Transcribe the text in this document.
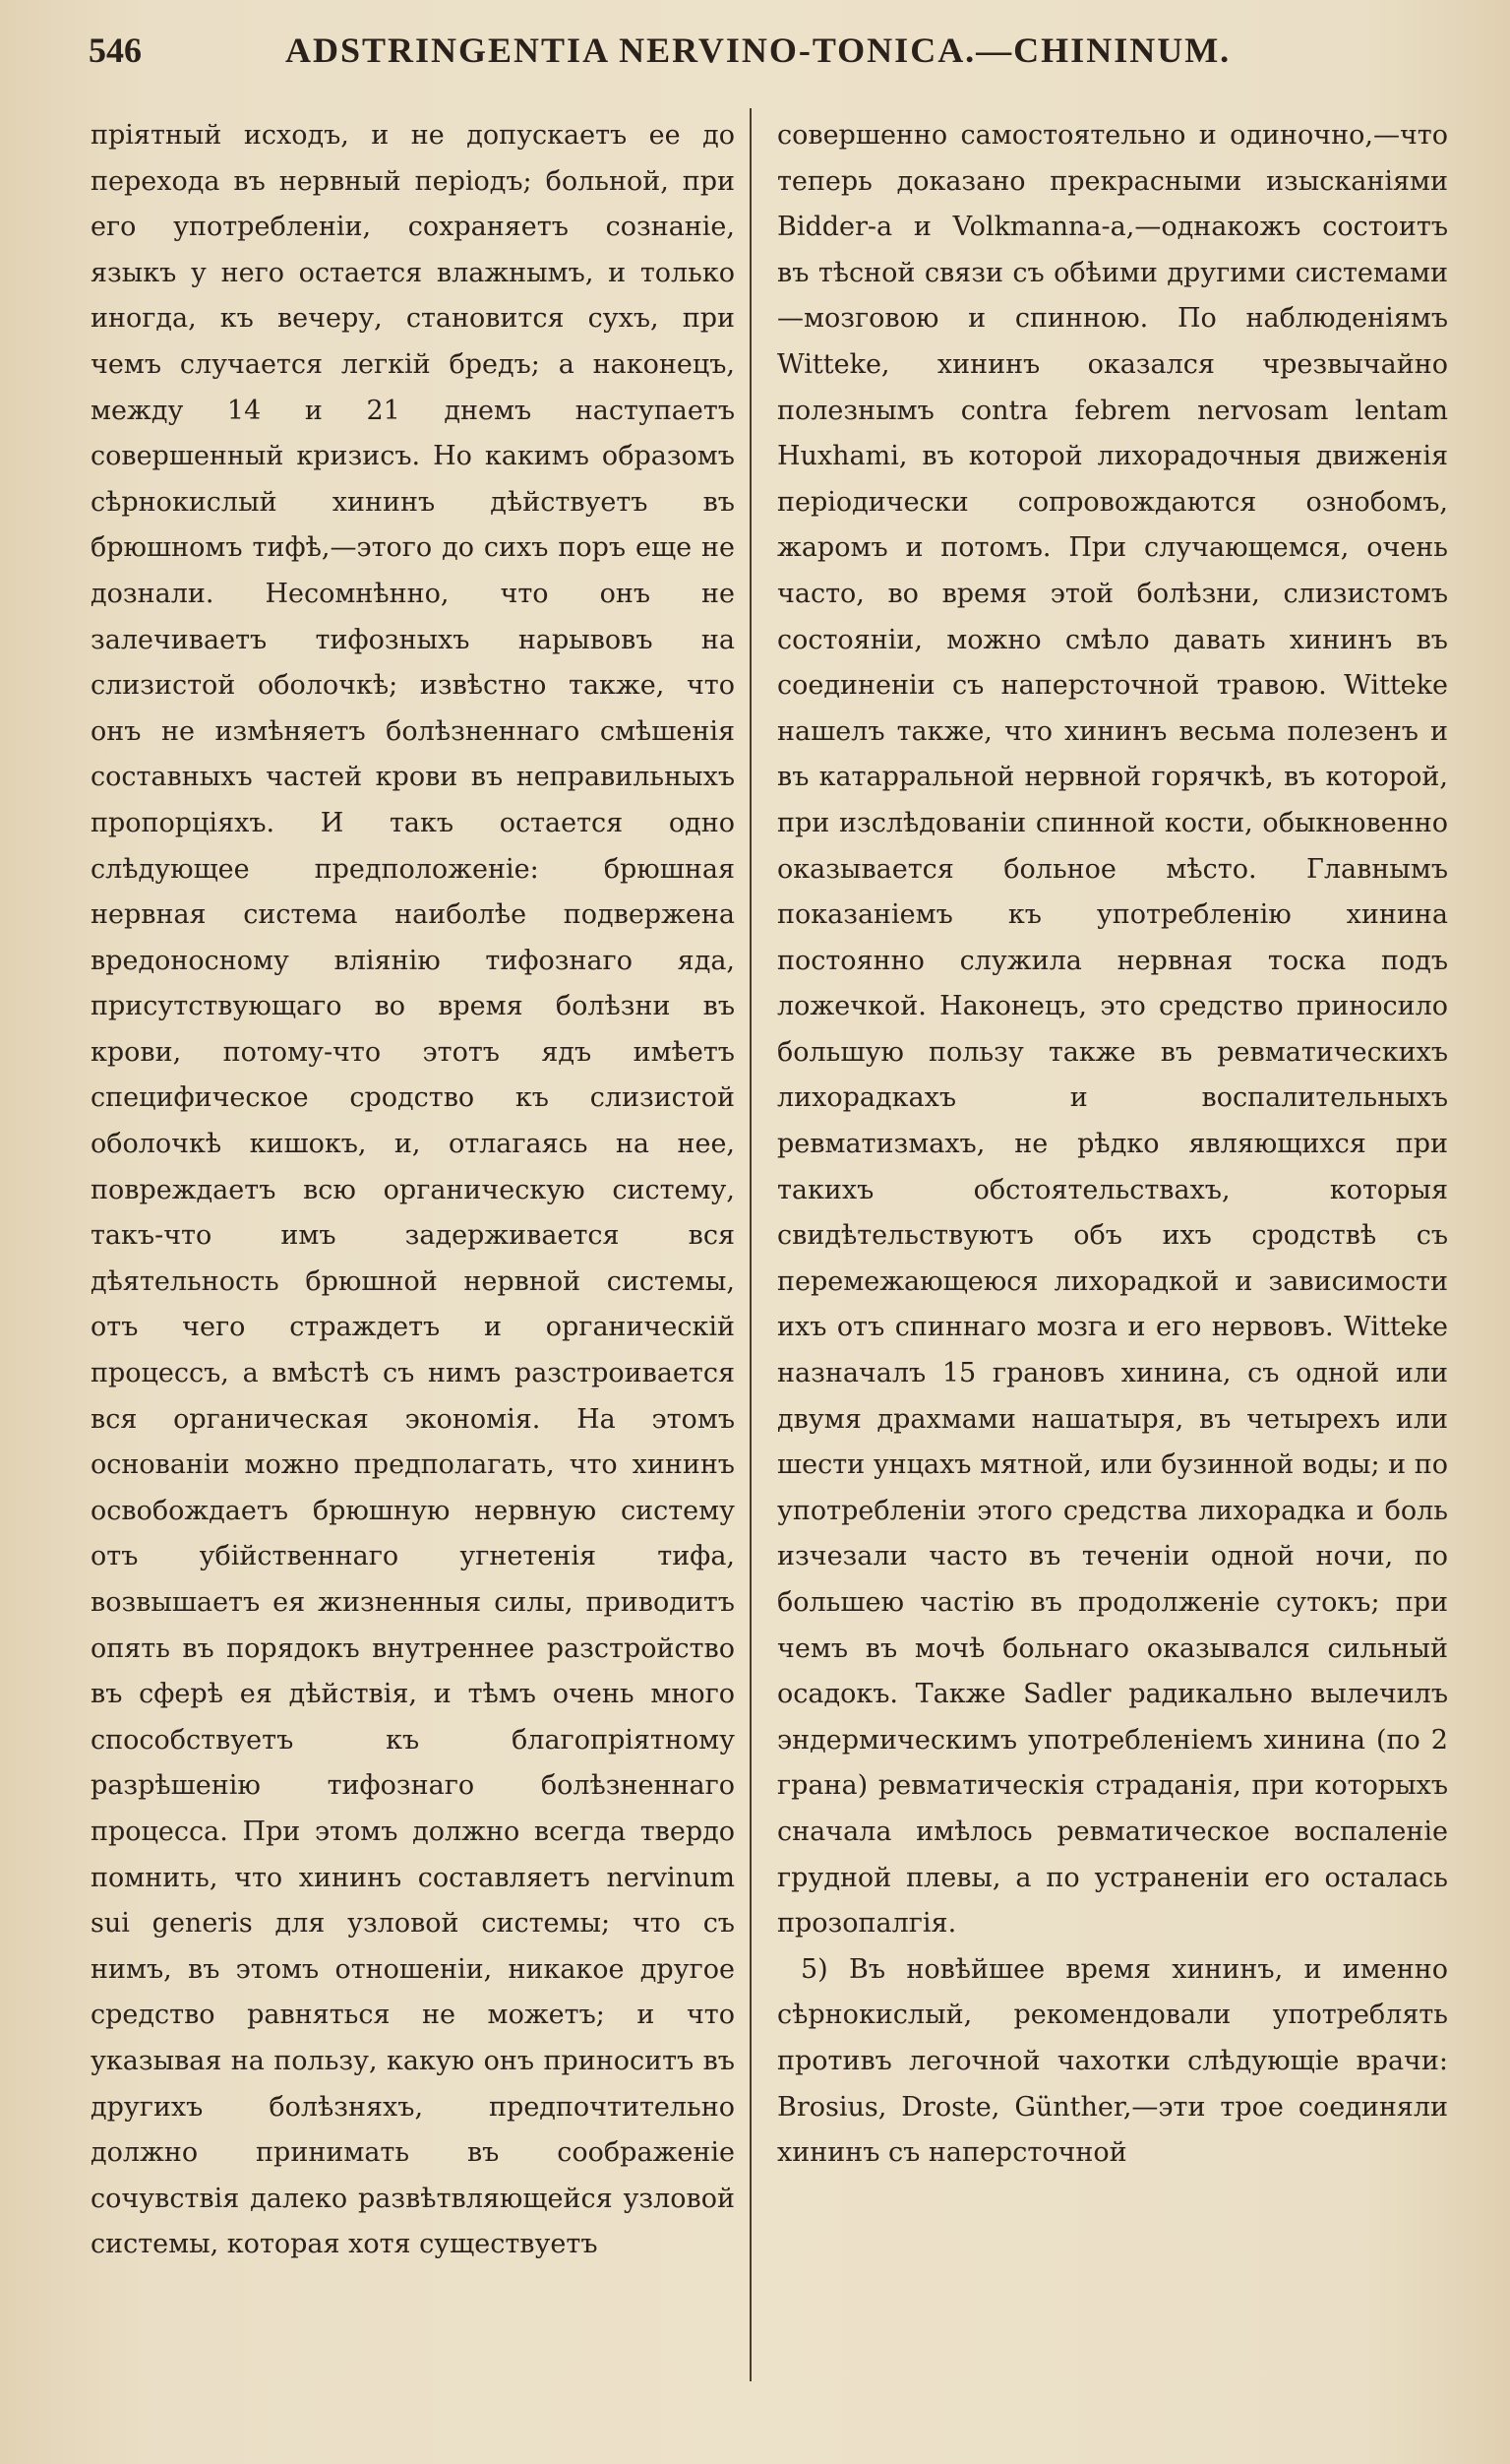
546	ADSTRINGENTIA NERVINO-TONICA.—CHININUM.

пріятный исходъ, и не допускаетъ ее до перехода въ нервный періодъ; больной, при его употребленіи, сохраняетъ сознаніе, языкъ у него остается влажнымъ, и только иногда, къ вечеру, становится сухъ, при чемъ случается легкій бредъ; а наконецъ, между 14 и 21 днемъ наступаетъ совершенный кризисъ. Но какимъ образомъ сѣрнокислый хининъ дѣйствуетъ въ брюшномъ тифѣ,—этого до сихъ поръ еще не дознали. Несомнѣнно, что онъ не залечиваетъ тифозныхъ нарывовъ на слизистой оболочкѣ; извѣстно также, что онъ не измѣняетъ болѣзненнаго смѣшенія составныхъ частей крови въ неправильныхъ пропорціяхъ. И такъ остается одно слѣдующее предположеніе: брюшная нервная система наиболѣе подвержена вредоносному вліянію тифознаго яда, присутствующаго во время болѣзни въ крови, потому-что этотъ ядъ имѣетъ специфическое сродство къ слизистой оболочкѣ кишокъ, и, отлагаясь на нее, повреждаетъ всю органическую систему, такъ-что имъ задерживается вся дѣятельность брюшной нервной системы, отъ чего страждетъ и органическій процессъ, а вмѣстѣ съ нимъ разстроивается вся органическая экономія. На этомъ основаніи можно предполагать, что хининъ освобождаетъ брюшную нервную систему отъ убійственнаго угнетенія тифа, возвышаетъ ея жизненныя силы, приводитъ опять въ порядокъ внутреннее разстройство въ сферѣ ея дѣйствія, и тѣмъ очень много способствуетъ къ благопріятному разрѣшенію тифознаго болѣзненнаго процесса. При этомъ должно всегда твердо помнить, что хининъ составляетъ nervinum sui generis для узловой системы; что съ нимъ, въ этомъ отношеніи, никакое другое средство равняться не можетъ; и что указывая на пользу, какую онъ приноситъ въ другихъ болѣзняхъ, предпочтительно должно принимать въ соображеніе сочувствія далеко развѣтвляющейся узловой системы, которая хотя существуетъ

совершенно самостоятельно и одиночно,—что теперь доказано прекрасными изысканіями Bidder-а и Volkmanna-а,—однакожъ состоитъ въ тѣсной связи съ обѣими другими системами—мозговою и спинною. По наблюденіямъ Wittеke, хининъ оказался чрезвычайно полезнымъ contra febrem nervosam lentam Huxhami, въ которой лихорадочныя движенія періодически сопровождаются ознобомъ, жаромъ и потомъ. При случающемся, очень часто, во время этой болѣзни, слизистомъ состояніи, можно смѣло давать хининъ въ соединеніи съ наперсточной травою. Wittеke нашелъ также, что хининъ весьма полезенъ и въ катарральной нервной горячкѣ, въ которой, при изслѣдованіи спинной кости, обыкновенно оказывается больное мѣсто. Главнымъ показаніемъ къ употребленію хинина постоянно служила нервная тоска подъ ложечкой. Наконецъ, это средство приносило большую пользу также въ ревматическихъ лихорадкахъ и воспалительныхъ ревматизмахъ, не рѣдко являющихся при такихъ обстоятельствахъ, которыя свидѣтельствуютъ объ ихъ сродствѣ съ перемежающеюся лихорадкой и зависимости ихъ отъ спиннаго мозга и его нервовъ. Wittеke назначалъ 15 грановъ хинина, съ одной или двумя драхмами нашатыря, въ четырехъ или шести унцахъ мятной, или бузинной воды; и по употребленіи этого средства лихорадка и боль изчезали часто въ теченіи одной ночи, по большею частію въ продолженіе сутокъ; при чемъ въ мочѣ больнаго оказывался сильный осадокъ. Также Sadler радикально вылечилъ эндермическимъ употребленіемъ хинина (по 2 грана) ревматическія страданія, при которыхъ сначала имѣлось ревматическое воспаленіе грудной плевы, а по устраненіи его осталась прозопалгія.

5) Въ новѣйшее время хининъ, и именно сѣрнокислый, рекомендовали употреблять противъ легочной чахотки слѣдующіе врачи: Brosius, Droste, Günther,—эти трое соединяли хининъ съ наперсточной
